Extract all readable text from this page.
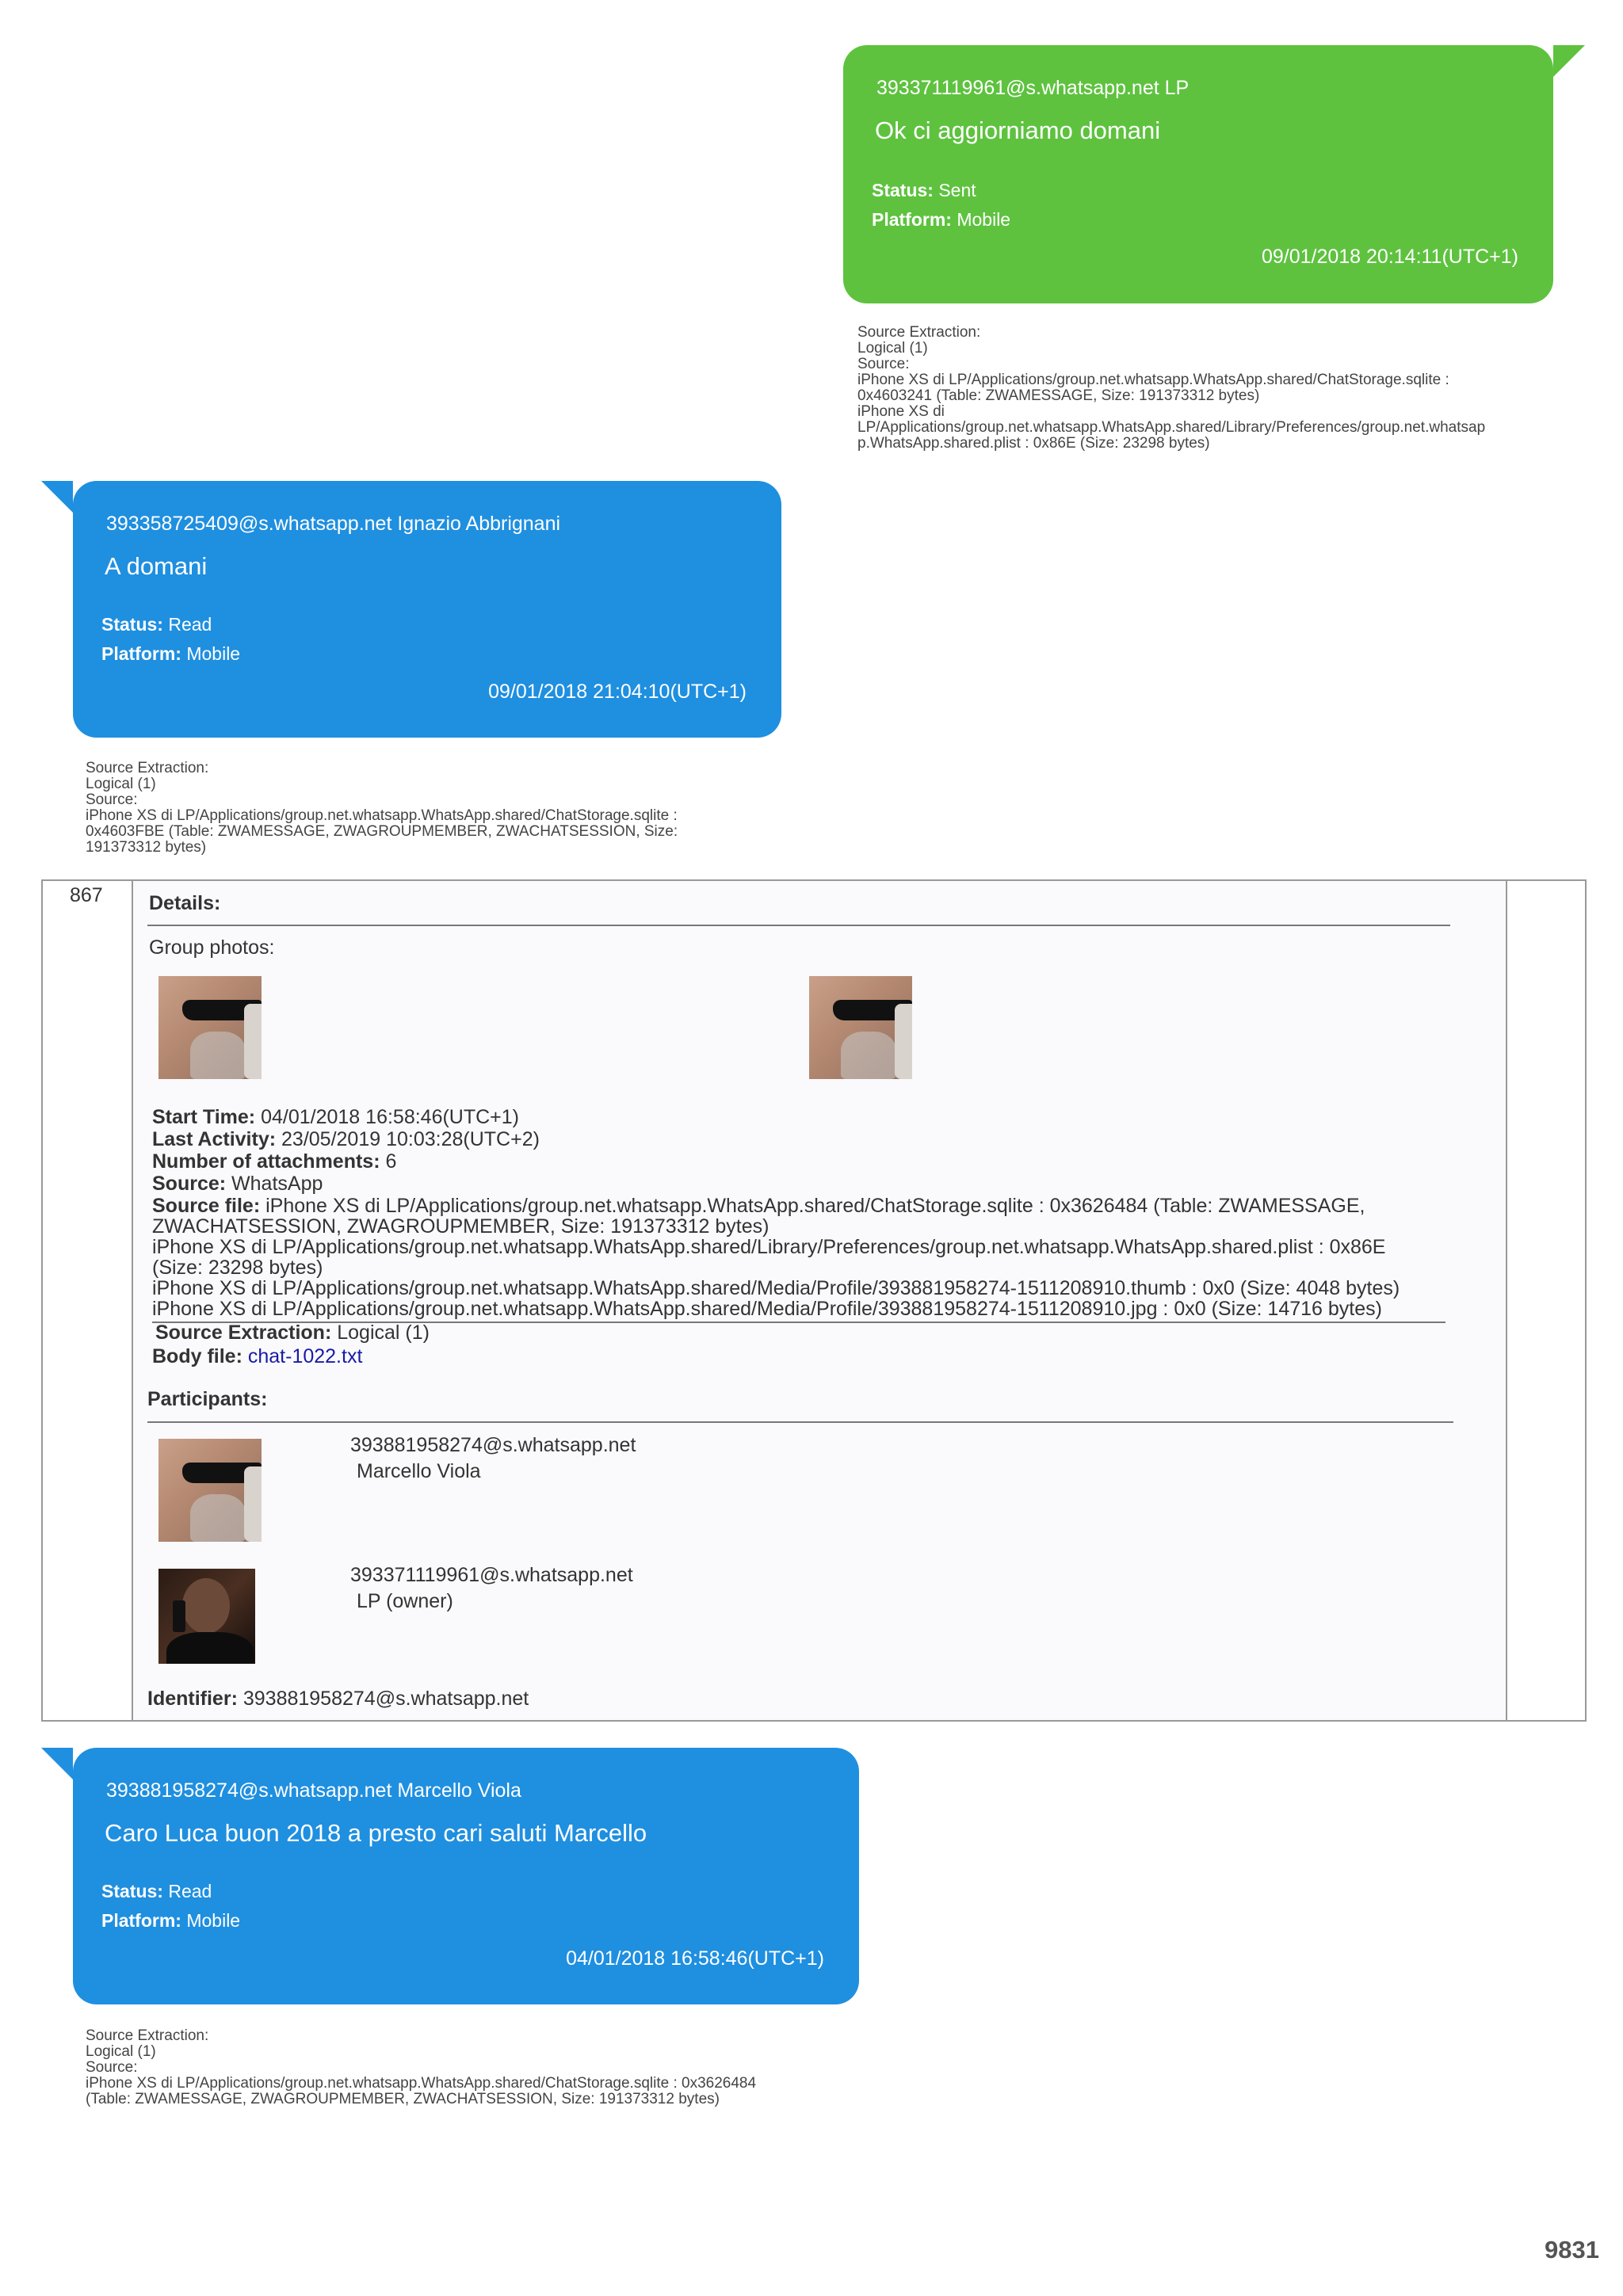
393371119961@s.whatsapp.net LP
Ok ci aggiorniamo domani
Status: Sent
Platform: Mobile
09/01/2018 20:14:11(UTC+1)
Source Extraction:
Logical (1)
Source:
iPhone XS di LP/Applications/group.net.whatsapp.WhatsApp.shared/ChatStorage.sqlite :
0x4603241 (Table: ZWAMESSAGE, Size: 191373312 bytes)
iPhone XS di
LP/Applications/group.net.whatsapp.WhatsApp.shared/Library/Preferences/group.net.whatsap
p.WhatsApp.shared.plist : 0x86E (Size: 23298 bytes)
393358725409@s.whatsapp.net Ignazio Abbrignani
A domani
Status: Read
Platform: Mobile
09/01/2018 21:04:10(UTC+1)
Source Extraction:
Logical (1)
Source:
iPhone XS di LP/Applications/group.net.whatsapp.WhatsApp.shared/ChatStorage.sqlite :
0x4603FBE (Table: ZWAMESSAGE, ZWAGROUPMEMBER, ZWACHATSESSION, Size:
191373312 bytes)
867 Details:
Group photos:
Start Time: 04/01/2018 16:58:46(UTC+1)
Last Activity: 23/05/2019 10:03:28(UTC+2)
Number of attachments: 6
Source: WhatsApp
Source file: iPhone XS di LP/Applications/group.net.whatsapp.WhatsApp.shared/ChatStorage.sqlite : 0x3626484 (Table: ZWAMESSAGE,
ZWACHATSESSION, ZWAGROUPMEMBER, Size: 191373312 bytes)
iPhone XS di LP/Applications/group.net.whatsapp.WhatsApp.shared/Library/Preferences/group.net.whatsapp.WhatsApp.shared.plist : 0x86E
(Size: 23298 bytes)
iPhone XS di LP/Applications/group.net.whatsapp.WhatsApp.shared/Media/Profile/393881958274-1511208910.thumb : 0x0 (Size: 4048 bytes)
iPhone XS di LP/Applications/group.net.whatsapp.WhatsApp.shared/Media/Profile/393881958274-1511208910.jpg : 0x0 (Size: 14716 bytes)
Source Extraction: Logical (1)
Body file: chat-1022.txt
Participants:
393881958274@s.whatsapp.net
Marcello Viola
393371119961@s.whatsapp.net
LP (owner)
Identifier: 393881958274@s.whatsapp.net
393881958274@s.whatsapp.net Marcello Viola
Caro Luca buon 2018 a presto cari saluti Marcello
Status: Read
Platform: Mobile
04/01/2018 16:58:46(UTC+1)
Source Extraction:
Logical (1)
Source:
iPhone XS di LP/Applications/group.net.whatsapp.WhatsApp.shared/ChatStorage.sqlite : 0x3626484
(Table: ZWAMESSAGE, ZWAGROUPMEMBER, ZWACHATSESSION, Size: 191373312 bytes)
9831
